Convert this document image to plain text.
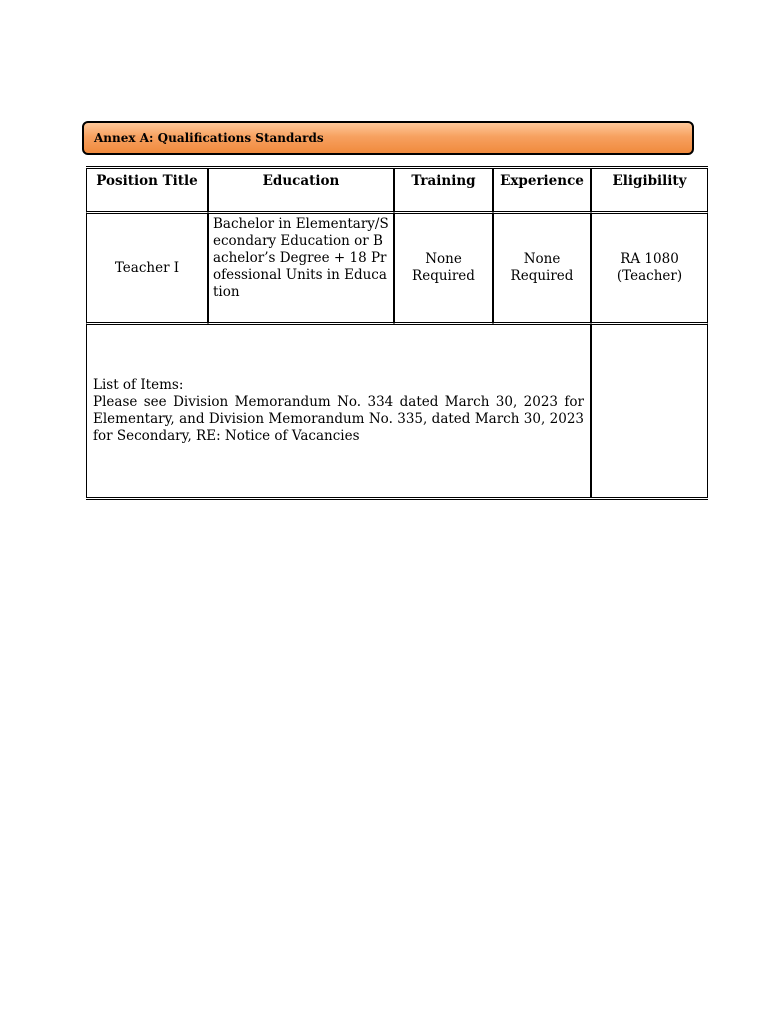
Annex A: Qualifications Standards
Position Title	Education	Training	Experience	Eligibility
Teacher I	Bachelor in Elementary/Secondary Education or Bachelor’s Degree + 18 Professional Units in Education	None Required	None Required	RA 1080 (Teacher)

List of Items:
Please see Division Memorandum No. 334 dated March 30, 2023 for Elementary, and Division Memorandum No. 335, dated March 30, 2023 for Secondary, RE: Notice of Vacancies				
